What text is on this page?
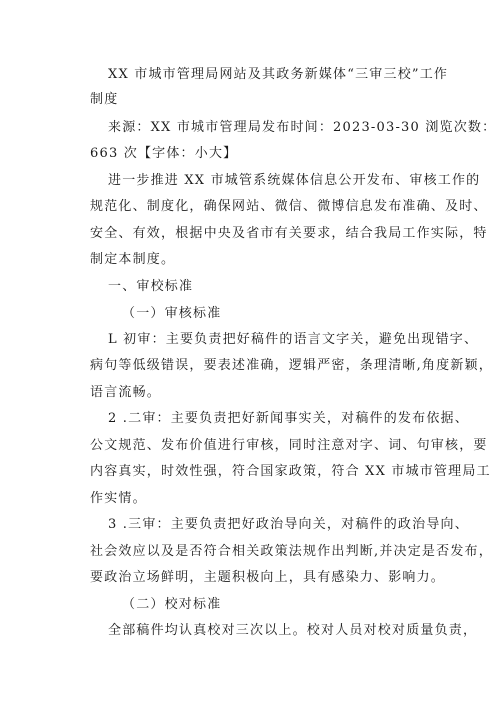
XX 市城市管理局网站及其政务新媒体“三审三校”工作
制度
来源：XX 市城市管理局发布时间：2023-03-30 浏览次数：
663 次【字体：小大】
进一步推进 XX 市城管系统媒体信息公开发布、审核工作的
规范化、制度化，确保网站、微信、微博信息发布准确、及时、
安全、有效，根据中央及省市有关要求，结合我局工作实际，特
制定本制度。
一、审校标准
（一）审核标准
L 初审：主要负责把好稿件的语言文字关，避免出现错字、
病句等低级错误，要表述准确，逻辑严密，条理清晰,角度新颖，
语言流畅。
2 .二审：主要负责把好新闻事实关，对稿件的发布依据、
公文规范、发布价值进行审核，同时注意对字、词、句审核，要
内容真实，时效性强，符合国家政策，符合 XX 市城市管理局工
作实情。
3 .三审：主要负责把好政治导向关，对稿件的政治导向、
社会效应以及是否符合相关政策法规作出判断,并决定是否发布，
要政治立场鲜明，主题积极向上，具有感染力、影响力。
（二）校对标准
全部稿件均认真校对三次以上。校对人员对校对质量负责，
